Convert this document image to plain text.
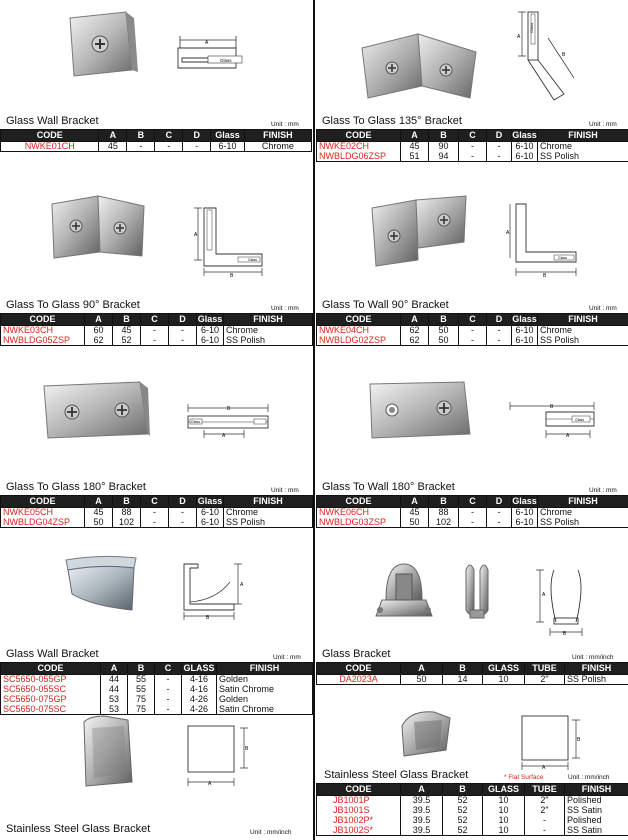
A
Glass
Glass Wall Bracket	Unit : mm
CODE	A	B	C	D	Glass	FINISH
NWKE01CH	45	-	-	-	6-10	Chrome
A
B
Glass
Glass To Glass 135° Bracket	Unit : mm
CODE	A	B	C	D	Glass	FINISH
NWKE02CH	45	90	-	-	6-10	Chrome
NWBLDG06ZSP	51	94	-	-	6-10	SS Polish
A
B
Glass
Glass To Glass 90° Bracket	Unit : mm
CODE	A	B	C	D	Glass	FINISH
NWKE03CH	60	45	-	-	6-10	Chrome
NWBLDG05ZSP	62	52	-	-	6-10	SS Polish
A
B
Glass
Glass To Wall 90° Bracket	Unit : mm
CODE	A	B	C	D	Glass	FINISH
NWKE04CH	62	50	-	-	6-10	Chrome
NWBLDG02ZSP	62	50	-	-	6-10	SS Polish
B
A
Glass
Glass To Glass 180° Bracket	Unit : mm
CODE	A	B	C	D	Glass	FINISH
NWKE05CH	45	88	-	-	6-10	Chrome
NWBLDG04ZSP	50	102	-	-	6-10	SS Polish
B
A
Glass
Glass To Wall 180° Bracket	Unit : mm
CODE	A	B	C	D	Glass	FINISH
NWKE06CH	45	88	-	-	6-10	Chrome
NWBLDG03ZSP	50	102	-	-	6-10	SS Polish
A
B
Glass Wall Bracket	Unit : mm
CODE	A	B	C	GLASS	FINISH
SC5650-055GP	44	55	-	4-16	Golden
SC5650-055SC	44	55	-	4-16	Satin Chrome
SC5650-075GP	53	75	-	4-26	Golden
SC5650-075SC	53	75	-	4-26	Satin Chrome
A
B
Glass Bracket	Unit : mm/inch
CODE	A	B	GLASS	TUBE	FINISH
DA2023A	50	14	10	2"	SS Polish
B
A
Stainless Steel Glass Bracket	* Flat Surface	Unit : mm/inch
CODE	A	B	GLASS	TUBE	FINISH
JB1001P	39.5	52	10	2"	Polished
JB1001S	39.5	52	10	2"	SS Satin
JB1002P*	39.5	52	10	-	Polished
JB1002S*	39.5	52	10	-	SS Satin
B
A
Stainless Steel Glass Bracket	Unit : mm/inch
